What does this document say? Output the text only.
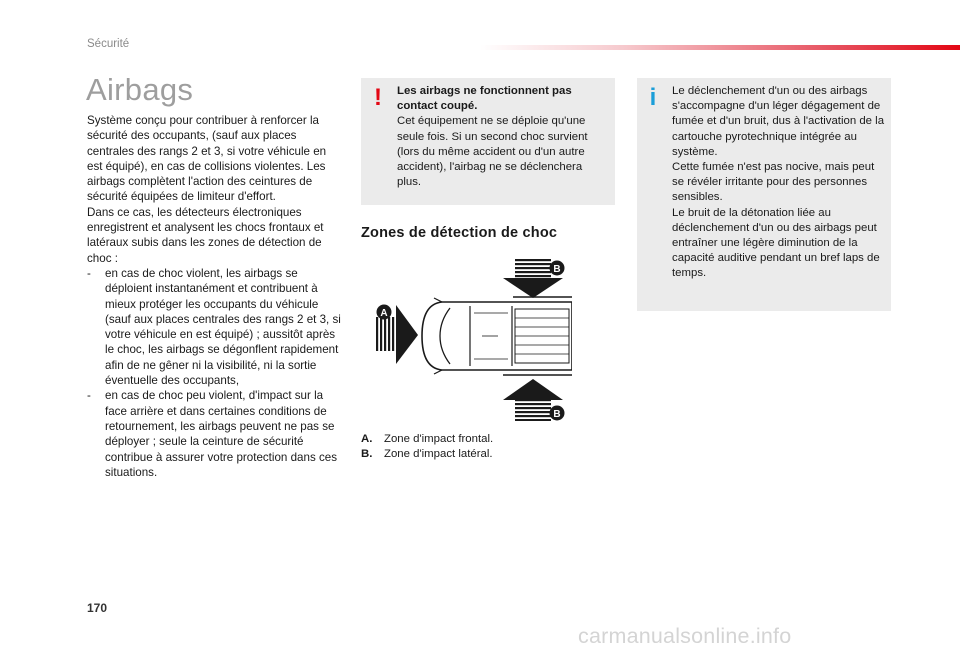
Sécurité
Airbags

Système conçu pour contribuer à renforcer la sécurité des occupants, (sauf aux places centrales des rangs 2 et 3, si votre véhicule en est équipé), en cas de collisions violentes. Les airbags complètent l'action des ceintures de sécurité équipées de limiteur d'effort.

Dans ce cas, les détecteurs électroniques enregistrent et analysent les chocs frontaux et latéraux subis dans les zones de détection de choc :

-	en cas de choc violent, les airbags se déploient instantanément et contribuent à mieux protéger les occupants du véhicule (sauf aux places centrales des rangs 2 et 3, si votre véhicule en est équipé) ; aussitôt après le choc, les airbags se dégonflent rapidement afin de ne gêner ni la visibilité, ni la sortie éventuelle des occupants,
-	en cas de choc peu violent, d'impact sur la face arrière et dans certaines conditions de retournement, les airbags peuvent ne pas se déployer ; seule la ceinture de sécurité contribue à assurer votre protection dans ces situations.
! Les airbags ne fonctionnent pas contact coupé.
Cet équipement ne se déploie qu'une seule fois. Si un second choc survient (lors du même accident ou d'un autre accident), l'airbag ne se déclenchera plus.
i Le déclenchement d'un ou des airbags s'accompagne d'un léger dégagement de fumée et d'un bruit, dus à l'activation de la cartouche pyrotechnique intégrée au système.
Cette fumée n'est pas nocive, mais peut se révéler irritante pour des personnes sensibles.
Le bruit de la détonation liée au déclenchement d'un ou des airbags peut entraîner une légère diminution de la capacité auditive pendant un bref laps de temps.
Zones de détection de choc
B
B
A
A.	Zone d'impact frontal.
B.	Zone d'impact latéral.
170
carmanualsonline.info
